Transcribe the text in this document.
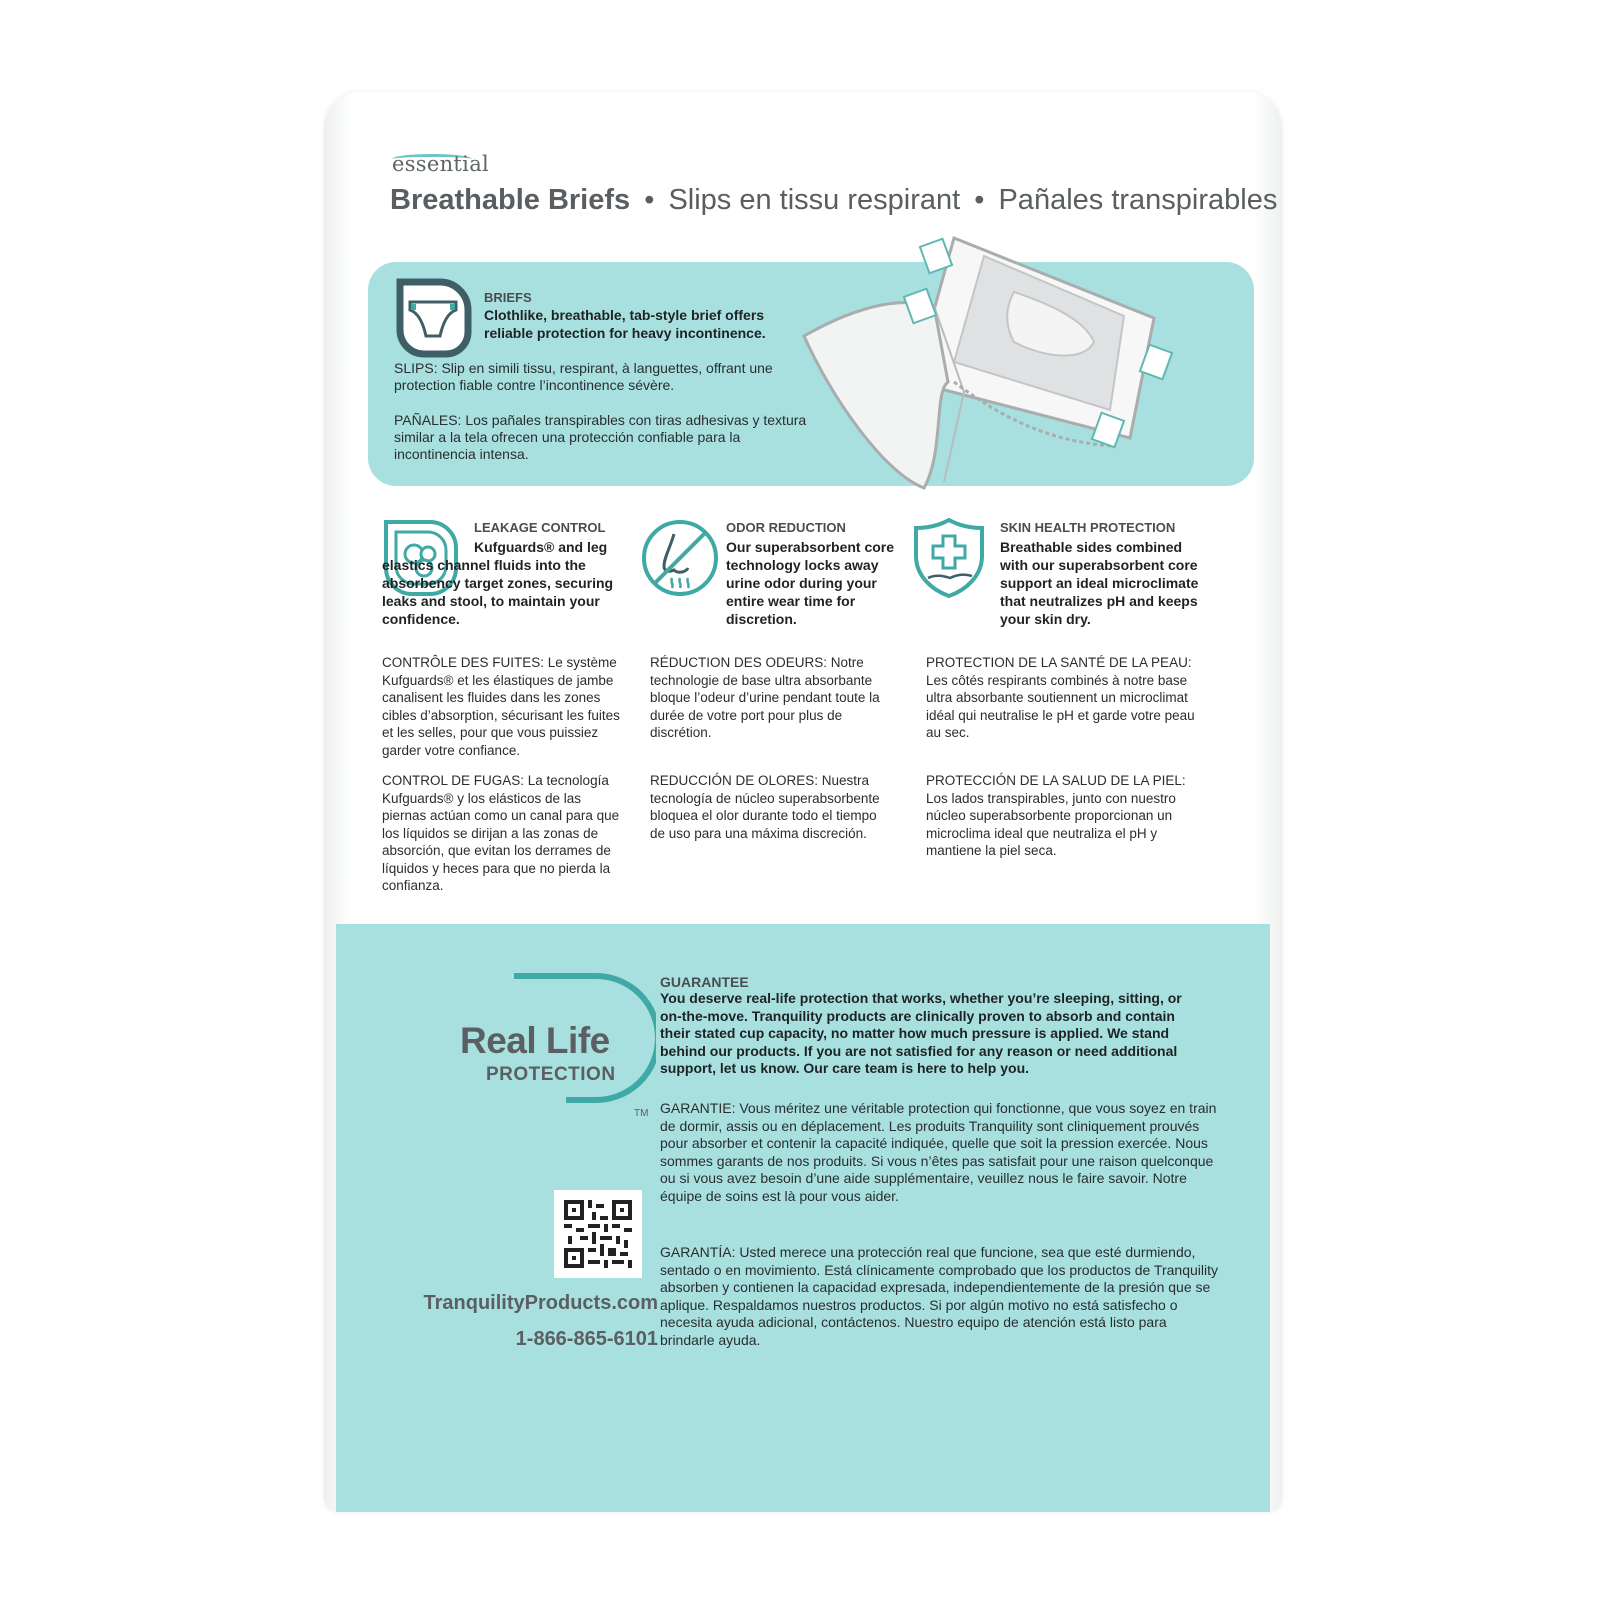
essential
Breathable Briefs • Slips en tissu respirant • Pañales transpirables
BRIEFS
Clothlike, breathable, tab-style brief offers reliable protection for heavy incontinence.
SLIPS: Slip en simili tissu, respirant, à languettes, offrant une protection fiable contre l’incontinence sévère.
PAÑALES: Los pañales transpirables con tiras adhesivas y textura similar a la tela ofrecen una protección confiable para la incontinencia intensa.
LEAKAGE CONTROL
Kufguards® and leg elastics channel fluids into the absorbency target zones, securing leaks and stool, to maintain your confidence.
CONTRÔLE DES FUITES: Le système Kufguards® et les élastiques de jambe canalisent les fluides dans les zones cibles d’absorption, sécurisant les fuites et les selles, pour que vous puissiez garder votre confiance.
CONTROL DE FUGAS: La tecnología Kufguards® y los elásticos de las piernas actúan como un canal para que los líquidos se dirijan a las zonas de absorción, que evitan los derrames de líquidos y heces para que no pierda la confianza.
ODOR REDUCTION
Our superabsorbent core technology locks away urine odor during your entire wear time for discretion.
RÉDUCTION DES ODEURS: Notre technologie de base ultra absorbante bloque l’odeur d’urine pendant toute la durée de votre port pour plus de discrétion.
REDUCCIÓN DE OLORES: Nuestra tecnología de núcleo superabsorbente bloquea el olor durante todo el tiempo de uso para una máxima discreción.
SKIN HEALTH PROTECTION
Breathable sides combined with our superabsorbent core support an ideal microclimate that neutralizes pH and keeps your skin dry.
PROTECTION DE LA SANTÉ DE LA PEAU: Les côtés respirants combinés à notre base ultra absorbante soutiennent un microclimat idéal qui neutralise le pH et garde votre peau au sec.
PROTECCIÓN DE LA SALUD DE LA PIEL: Los lados transpirables, junto con nuestro núcleo superabsorbente proporcionan un microclima ideal que neutraliza el pH y mantiene la piel seca.
Real Life
PROTECTION
TM
TranquilityProducts.com
1-866-865-6101
GUARANTEE
You deserve real-life protection that works, whether you’re sleeping, sitting, or on-the-move. Tranquility products are clinically proven to absorb and contain their stated cup capacity, no matter how much pressure is applied. We stand behind our products. If you are not satisfied for any reason or need additional support, let us know. Our care team is here to help you.
GARANTIE: Vous méritez une véritable protection qui fonctionne, que vous soyez en train de dormir, assis ou en déplacement. Les produits Tranquility sont cliniquement prouvés pour absorber et contenir la capacité indiquée, quelle que soit la pression exercée. Nous sommes garants de nos produits. Si vous n’êtes pas satisfait pour une raison quelconque ou si vous avez besoin d’une aide supplémentaire, veuillez nous le faire savoir. Notre équipe de soins est là pour vous aider.
GARANTÍA: Usted merece una protección real que funcione, sea que esté durmiendo, sentado o en movimiento. Está clínicamente comprobado que los productos de Tranquility absorben y contienen la capacidad expresada, independientemente de la presión que se aplique. Respaldamos nuestros productos. Si por algún motivo no está satisfecho o necesita ayuda adicional, contáctenos. Nuestro equipo de atención está listo para brindarle ayuda.
